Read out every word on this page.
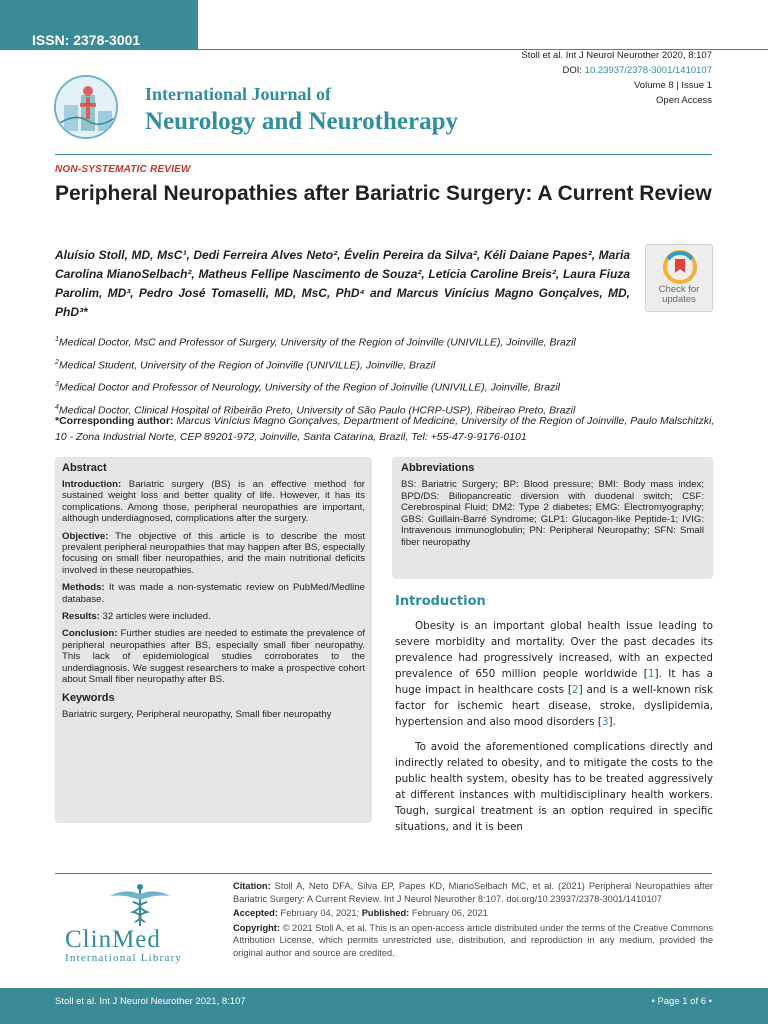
ISSN: 2378-3001
Stoll et al. Int J Neurol Neurother 2020, 8:107
DOI: 10.23937/2378-3001/1410107
Volume 8 | Issue 1
Open Access
International Journal of
Neurology and Neurotherapy
NON-SYSTEMATIC REVIEW
Peripheral Neuropathies after Bariatric Surgery: A Current Review
Aluísio Stoll, MD, MsC¹, Dedi Ferreira Alves Neto², Évelin Pereira da Silva², Kéli Daiane Papes², Maria Carolina MianoSelbach², Matheus Fellipe Nascimento de Souza², Letícia Caroline Breis², Laura Fiuza Parolim, MD³, Pedro José Tomaselli, MD, MsC, PhD⁴ and Marcus Vinícius Magno Gonçalves, MD, PhD³*
Check for
updates
$^1$Medical Doctor, MsC and Professor of Surgery, University of the Region of Joinville (UNIVILLE), Joinville, Brazil
$^2$Medical Student, University of the Region of Joinville (UNIVILLE), Joinville, Brazil
$^3$Medical Doctor and Professor of Neurology, University of the Region of Joinville (UNIVILLE), Joinville, Brazil
$^4$Medical Doctor, Clinical Hospital of Ribeirão Preto, University of São Paulo (HCRP-USP), Ribeirao Preto, Brazil
*Corresponding author: Marcus Vinícius Magno Gonçalves, Department of Medicine, University of the Region of Joinville, Paulo Malschitzki, 10 - Zona Industrial Norte, CEP 89201-972, Joinville, Santa Catarina, Brazil, Tel: +55-47-9-9176-0101
Abstract

Introduction: Bariatric surgery (BS) is an effective method for sustained weight loss and better quality of life. However, it has its complications. Among those, peripheral neuropathies are important, although underdiagnosed, complications after the surgery.

Objective: The objective of this article is to describe the most prevalent peripheral neuropathies that may happen after BS, especially focusing on small fiber neuropathies, and the main nutritional deficits involved in these neuropathies.

Methods: It was made a non-systematic review on PubMed/Medline database.

Results: 32 articles were included.

Conclusion: Further studies are needed to estimate the prevalence of peripheral neuropathies after BS, especially small fiber neuropathy. This lack of epidemiological studies corroborates to the underdiagnosis. We suggest researchers to make a prospective cohort about Small fiber neuropathy after BS.

Keywords

Bariatric surgery, Peripheral neuropathy, Small fiber neuropathy

Abbreviations

BS: Bariatric Surgery; BP: Blood pressure; BMI: Body mass index; BPD/DS: Biliopancreatic diversion with duodenal switch; CSF: Cerebrospinal Fluid; DM2: Type 2 diabetes; EMG: Electromyography; GBS: Guillain-Barré Syndrome; GLP1: Glucagon-like Peptide-1; IVIG: Intravenous immunoglobulin; PN: Peripheral Neuropathy; SFN: Small fiber neuropathy

Introduction

Obesity is an important global health issue leading to severe morbidity and mortality. Over the past decades its prevalence had progressively increased, with an expected prevalence of 650 million people worldwide [1]. It has a huge impact in healthcare costs [2] and is a well-known risk factor for ischemic heart disease, stroke, dyslipidemia, hypertension and also mood disorders [3].

To avoid the aforementioned complications directly and indirectly related to obesity, and to mitigate the costs to the public health system, obesity has to be treated aggressively at different instances with multidisciplinary health workers. Tough, surgical treatment is an option required in specific situations, and it is been

ClinMed
International Library

Citation: Stoll A, Neto DFA, Silva EP, Papes KD, MianoSelbach MC, et al. (2021) Peripheral Neuropathies after Bariatric Surgery: A Current Review. Int J Neurol Neurother 8:107. doi.org/10.23937/2378-3001/1410107

Accepted: February 04, 2021; Published: February 06, 2021

Copyright: © 2021 Stoll A, et al. This is an open-access article distributed under the terms of the Creative Commons Attribution License, which permits unrestricted use, distribution, and reproduction in any medium, provided the original author and source are credited.

Stoll et al. Int J Neurol Neurother 2021, 8:107	• Page 1 of 6 •
